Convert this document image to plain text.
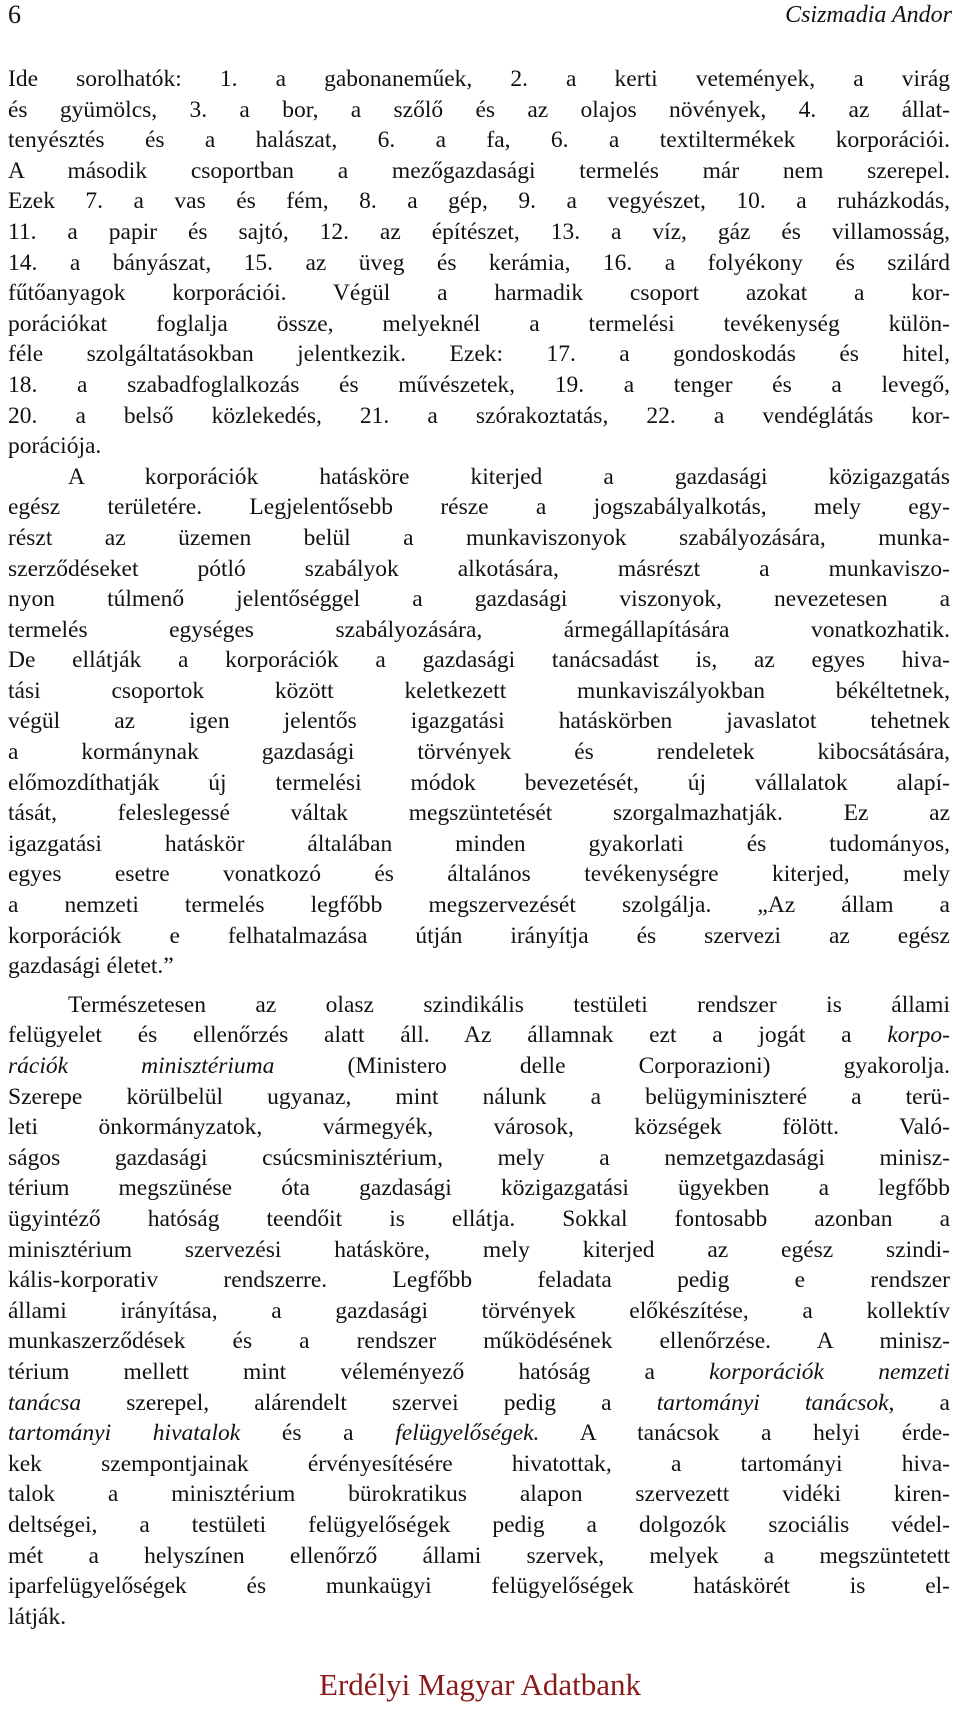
6	Csizmadia Andor
Ide sorolhatók: 1. a gabonaneműek, 2. a kerti vetemények, a virág
és gyümölcs, 3. a bor, a szőlő és az olajos növények, 4. az állat-
tenyésztés és a halászat, 6. a fa, 6. a textiltermékek korporációi.
A második csoportban a mezőgazdasági termelés már nem szerepel.
Ezek 7. a vas és fém, 8. a gép, 9. a vegyészet, 10. a ruházkodás,
11. a papir és sajtó, 12. az építészet, 13. a víz, gáz és villamosság,
14. a bányászat, 15. az üveg és kerámia, 16. a folyékony és szilárd
fűtőanyagok korporációi. Végül a harmadik csoport azokat a kor-
porációkat foglalja össze, melyeknél a termelési tevékenység külön-
féle szolgáltatásokban jelentkezik. Ezek: 17. a gondoskodás és hitel,
18. a szabadfoglalkozás és művészetek, 19. a tenger és a levegő,
20. a belső közlekedés, 21. a szórakoztatás, 22. a vendéglátás kor-
porációja.
A korporációk hatásköre kiterjed a gazdasági közigazgatás
egész területére. Legjelentősebb része a jogszabályalkotás, mely egy-
részt az üzemen belül a munkaviszonyok szabályozására, munka-
szerződéseket pótló szabályok alkotására, másrészt a munkaviszo-
nyon túlmenő jelentőséggel a gazdasági viszonyok, nevezetesen a
termelés egységes szabályozására, ármegállapítására vonatkozhatik.
De ellátják a korporációk a gazdasági tanácsadást is, az egyes hiva-
tási csoportok között keletkezett munkaviszályokban békéltetnek,
végül az igen jelentős igazgatási hatáskörben javaslatot tehetnek
a kormánynak gazdasági törvények és rendeletek kibocsátására,
előmozdíthatják új termelési módok bevezetését, új vállalatok alapí-
tását, feleslegessé váltak megszüntetését szorgalmazhatják. Ez az
igazgatási hatáskör általában minden gyakorlati és tudományos,
egyes esetre vonatkozó és általános tevékenységre kiterjed, mely
a nemzeti termelés legfőbb megszervezését szolgálja. „Az állam a
korporációk e felhatalmazása útján irányítja és szervezi az egész
gazdasági életet.”
Természetesen az olasz szindikális testületi rendszer is állami
felügyelet és ellenőrzés alatt áll. Az államnak ezt a jogát a korpo-
rációk minisztériuma (Ministero delle Corporazioni) gyakorolja.
Szerepe körülbelül ugyanaz, mint nálunk a belügyminiszteré a terü-
leti önkormányzatok, vármegyék, városok, községek fölött. Való-
ságos gazdasági csúcsminisztérium, mely a nemzetgazdasági minisz-
térium megszünése óta gazdasági közigazgatási ügyekben a legfőbb
ügyintéző hatóság teendőit is ellátja. Sokkal fontosabb azonban a
minisztérium szervezési hatásköre, mely kiterjed az egész szindi-
kális-korporativ rendszerre. Legfőbb feladata pedig e rendszer
állami irányítása, a gazdasági törvények előkészítése, a kollektív
munkaszerződések és a rendszer működésének ellenőrzése. A minisz-
térium mellett mint véleményező hatóság a korporációk nemzeti
tanácsa szerepel, alárendelt szervei pedig a tartományi tanácsok, a
tartományi hivatalok és a felügyelőségek. A tanácsok a helyi érde-
kek szempontjainak érvényesítésére hivatottak, a tartományi hiva-
talok a minisztérium bürokratikus alapon szervezett vidéki kiren-
deltségei, a testületi felügyelőségek pedig a dolgozók szociális védel-
mét a helyszínen ellenőrző állami szervek, melyek a megszüntetett
iparfelügyelőségek és munkaügyi felügyelőségek hatáskörét is el-
látják.
Erdélyi Magyar Adatbank
